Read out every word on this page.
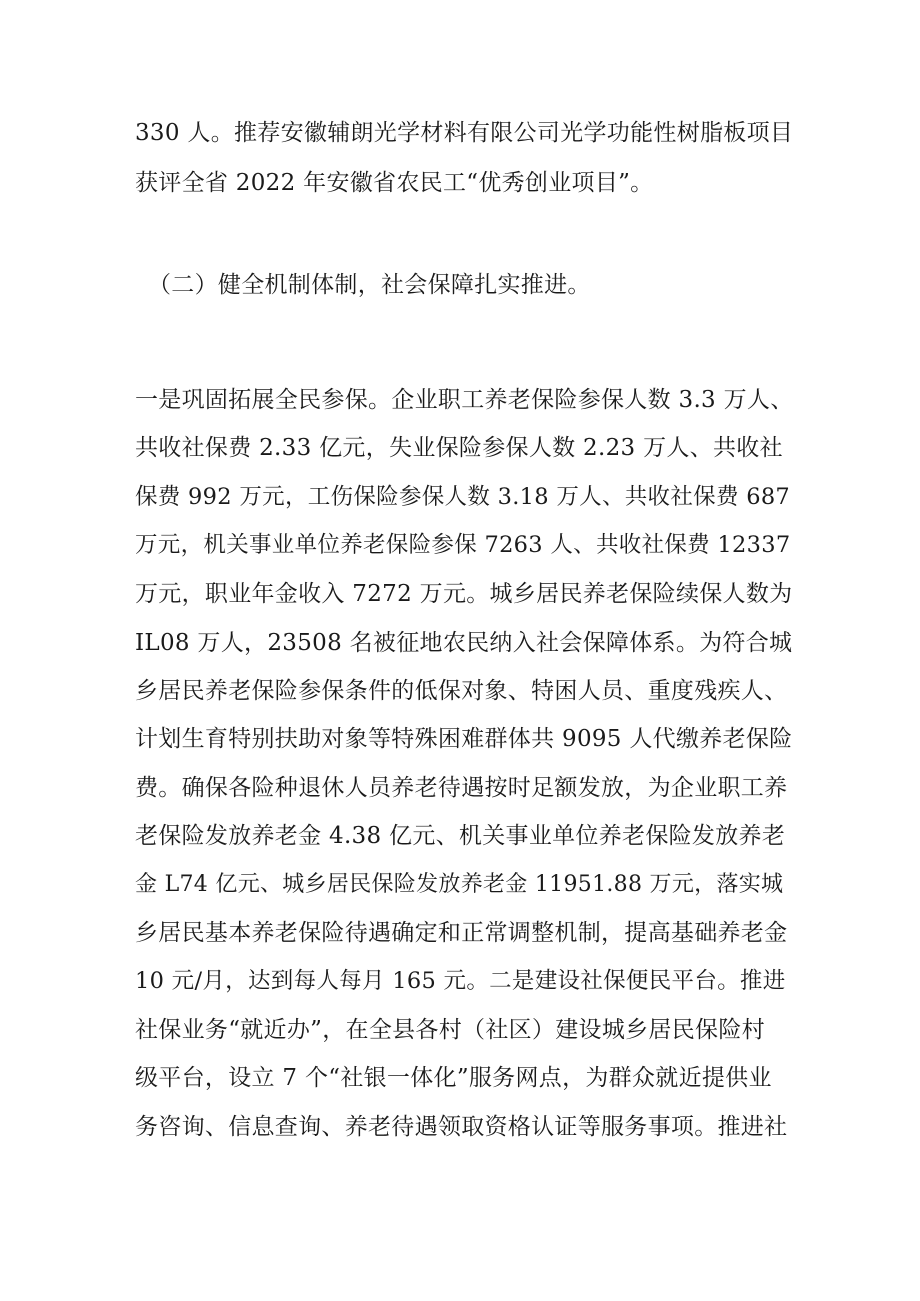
330 人。推荐安徽辅朗光学材料有限公司光学功能性树脂板项目
获评全省 2022 年安徽省农民工“优秀创业项目”。
（二）健全机制体制，社会保障扎实推进。
一是巩固拓展全民参保。企业职工养老保险参保人数 3.3 万人、
共收社保费 2.33 亿元，失业保险参保人数 2.23 万人、共收社
保费 992 万元，工伤保险参保人数 3.18 万人、共收社保费 687
万元，机关事业单位养老保险参保 7263 人、共收社保费 12337
万元，职业年金收入 7272 万元。城乡居民养老保险续保人数为
IL08 万人，23508 名被征地农民纳入社会保障体系。为符合城
乡居民养老保险参保条件的低保对象、特困人员、重度残疾人、
计划生育特别扶助对象等特殊困难群体共 9095 人代缴养老保险
费。确保各险种退休人员养老待遇按时足额发放，为企业职工养
老保险发放养老金 4.38 亿元、机关事业单位养老保险发放养老
金 L74 亿元、城乡居民保险发放养老金 11951.88 万元，落实城
乡居民基本养老保险待遇确定和正常调整机制，提高基础养老金
10 元/月，达到每人每月 165 元。二是建设社保便民平台。推进
社保业务“就近办”，在全县各村（社区）建设城乡居民保险村
级平台，设立 7 个“社银一体化”服务网点，为群众就近提供业
务咨询、信息查询、养老待遇领取资格认证等服务事项。推进社
